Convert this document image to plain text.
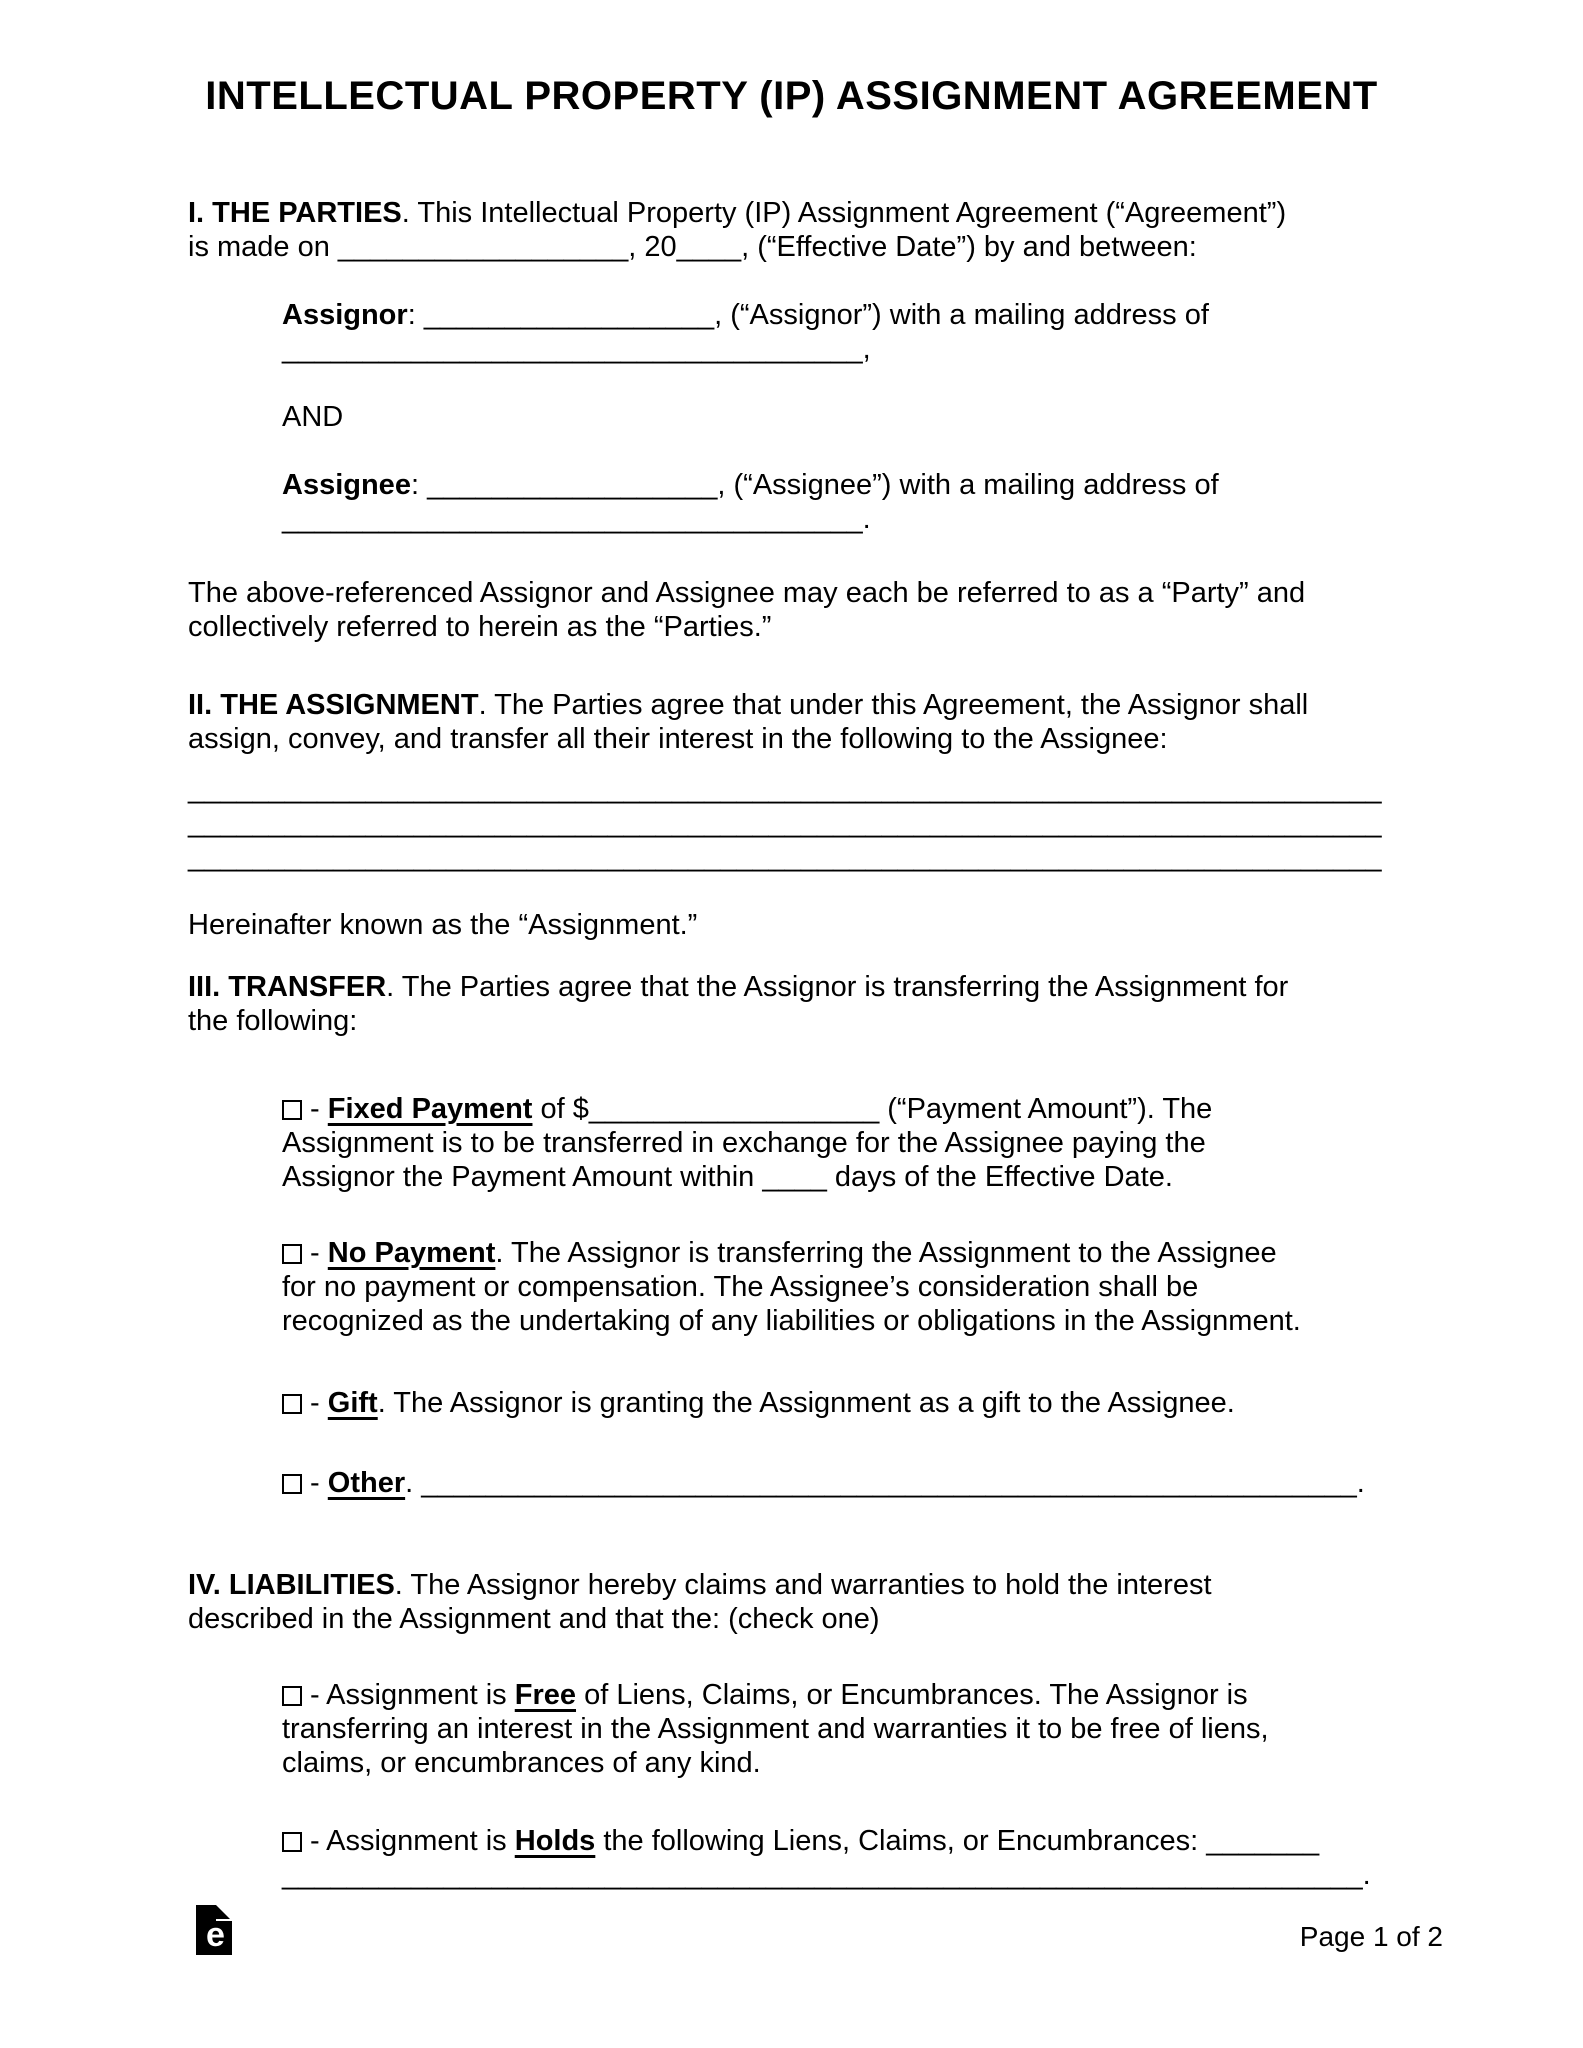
INTELLECTUAL PROPERTY (IP) ASSIGNMENT AGREEMENT
I. THE PARTIES. This Intellectual Property (IP) Assignment Agreement (“Agreement”)
is made on __________________, 20____, (“Effective Date”) by and between:
Assignor: __________________, (“Assignor”) with a mailing address of
____________________________________,
AND
Assignee: __________________, (“Assignee”) with a mailing address of
____________________________________.
The above-referenced Assignor and Assignee may each be referred to as a “Party” and
collectively referred to herein as the “Parties.”
II. THE ASSIGNMENT. The Parties agree that under this Agreement, the Assignor shall
assign, convey, and transfer all their interest in the following to the Assignee:
__________________________________________________________________________
__________________________________________________________________________
__________________________________________________________________________
Hereinafter known as the “Assignment.”
III. TRANSFER. The Parties agree that the Assignor is transferring the Assignment for
the following:
- Fixed Payment of $__________________ (“Payment Amount”). The
Assignment is to be transferred in exchange for the Assignee paying the
Assignor the Payment Amount within ____ days of the Effective Date.
- No Payment. The Assignor is transferring the Assignment to the Assignee
for no payment or compensation. The Assignee’s consideration shall be
recognized as the undertaking of any liabilities or obligations in the Assignment.
- Gift. The Assignor is granting the Assignment as a gift to the Assignee.
- Other. __________________________________________________________.
IV. LIABILITIES. The Assignor hereby claims and warranties to hold the interest
described in the Assignment and that the: (check one)
- Assignment is Free of Liens, Claims, or Encumbrances. The Assignor is
transferring an interest in the Assignment and warranties it to be free of liens,
claims, or encumbrances of any kind.
- Assignment is Holds the following Liens, Claims, or Encumbrances: _______
___________________________________________________________________.
e	Page 1 of 2
